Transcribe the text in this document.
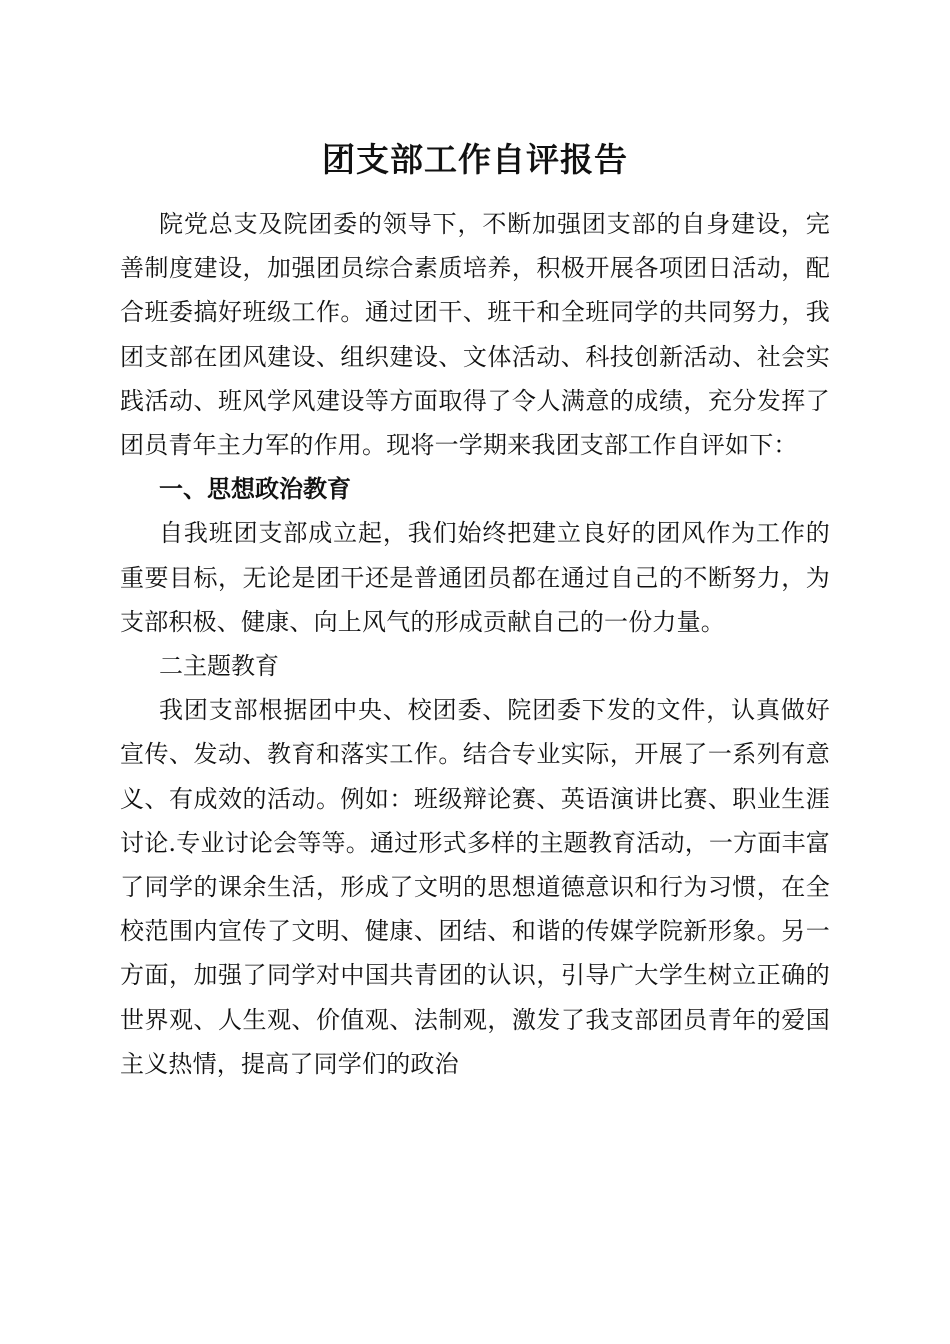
团支部工作自评报告

院党总支及院团委的领导下，不断加强团支部的自身建设，完善制度建设，加强团员综合素质培养，积极开展各项团日活动，配合班委搞好班级工作。通过团干、班干和全班同学的共同努力，我团支部在团风建设、组织建设、文体活动、科技创新活动、社会实践活动、班风学风建设等方面取得了令人满意的成绩，充分发挥了团员青年主力军的作用。现将一学期来我团支部工作自评如下：

一、思想政治教育

自我班团支部成立起，我们始终把建立良好的团风作为工作的重要目标，无论是团干还是普通团员都在通过自己的不断努力，为支部积极、健康、向上风气的形成贡献自己的一份力量。

二主题教育

我团支部根据团中央、校团委、院团委下发的文件，认真做好宣传、发动、教育和落实工作。结合专业实际，开展了一系列有意义、有成效的活动。例如：班级辩论赛、英语演讲比赛、职业生涯讨论.专业讨论会等等。通过形式多样的主题教育活动，一方面丰富了同学的课余生活，形成了文明的思想道德意识和行为习惯，在全校范围内宣传了文明、健康、团结、和谐的传媒学院新形象。另一方面，加强了同学对中国共青团的认识，引导广大学生树立正确的世界观、人生观、价值观、法制观，激发了我支部团员青年的爱国主义热情，提高了同学们的政治
